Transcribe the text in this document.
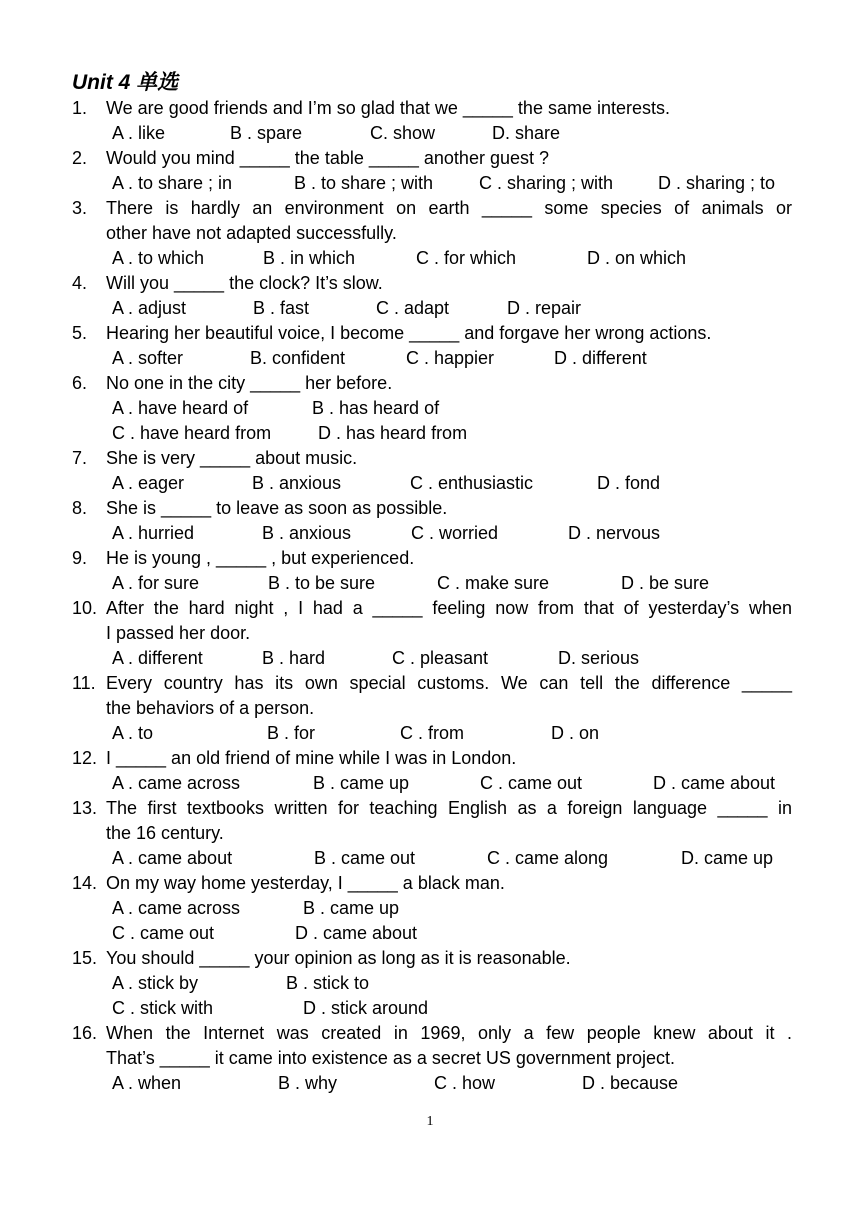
Unit 4 单选
1. We are good friends and I’m so glad that we _____ the same interests.
A . like	B . spare	C. show	D. share
2. Would you mind _____ the table _____ another guest ?
A . to share ; in	B . to share ; with	C . sharing ; with D . sharing ; to
3. There is hardly an environment on earth _____ some species of animals or
other have not adapted successfully.
A . to which	B . in which	C . for which	D . on which
4. Will you _____ the clock? It’s slow.
A . adjust	B . fast	C . adapt	D . repair
5. Hearing her beautiful voice, I become _____ and forgave her wrong actions.
A . softer	B. confident	C . happier	D . different
6. No one in the city _____ her before.
A . have heard of	B . has heard of
C . have heard from	D . has heard from
7. She is very _____ about music.
A . eager	B . anxious	C . enthusiastic	D . fond
8. She is _____ to leave as soon as possible.
A . hurried	B . anxious	C . worried	D . nervous
9. He is young , _____ , but experienced.
A . for sure	B . to be sure	C . make sure	D . be sure
10. After the hard night , I had a _____ feeling now from that of yesterday’s when
I passed her door.
A . different	B . hard	C . pleasant	D. serious
11. Every country has its own special customs. We can tell the difference _____
the behaviors of a person.
A . to	B . for	C . from	D . on
12. I _____ an old friend of mine while I was in London.
A . came across	B . came up	C . came out	D . came about
13. The first textbooks written for teaching English as a foreign language _____ in
the 16 century.
A . came about	B . came out	C . came along	D. came up
14. On my way home yesterday, I _____ a black man.
A . came across	B . came up
C . came out	D . came about
15. You should _____ your opinion as long as it is reasonable.
A . stick by	B . stick to
C . stick with	D . stick around
16. When the Internet was created in 1969, only a few people knew about it .
That’s _____ it came into existence as a secret US government project.
A . when	B . why	C . how	D . because
1
